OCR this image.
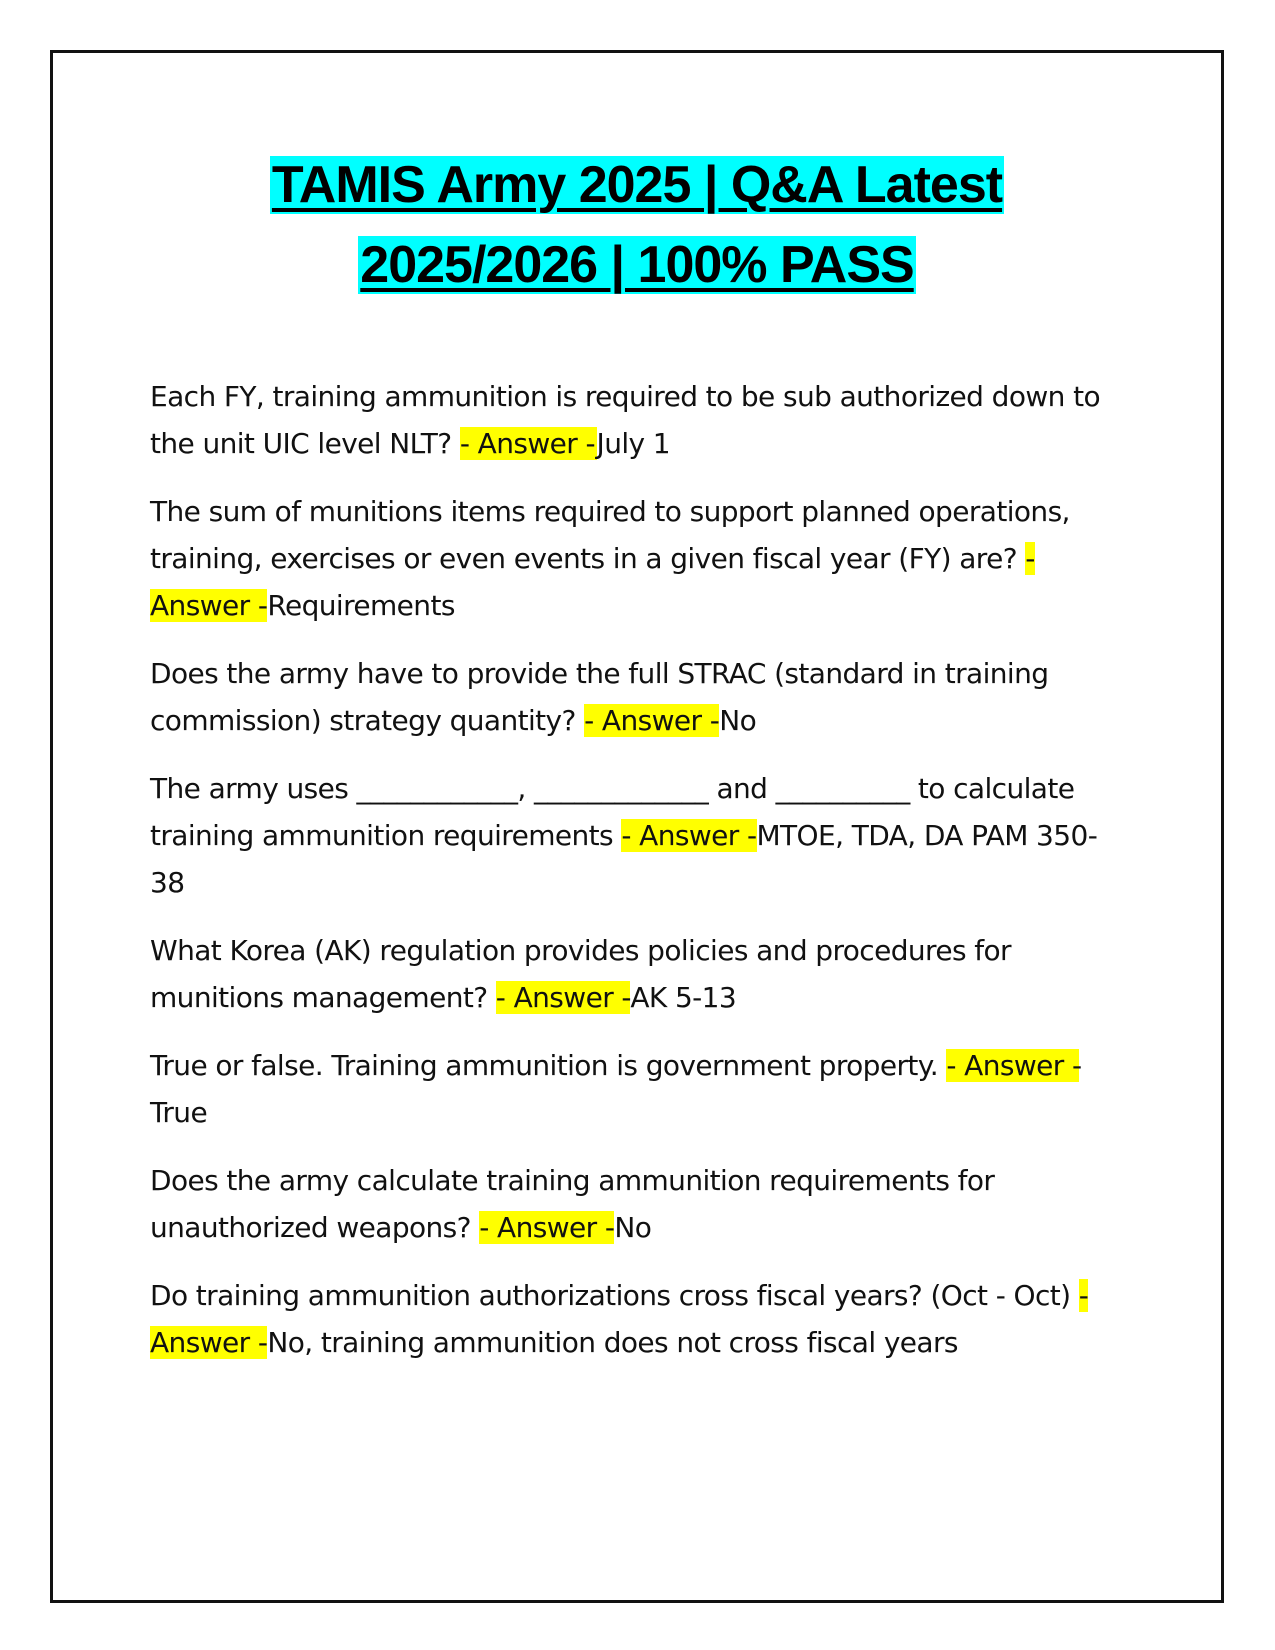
TAMIS Army 2025 | Q&A Latest
2025/2026 | 100% PASS

Each FY, training ammunition is required to be sub authorized down to the unit UIC level NLT? - Answer -July 1

The sum of munitions items required to support planned operations, training, exercises or even events in a given fiscal year (FY) are? - Answer -Requirements

Does the army have to provide the full STRAC (standard in training commission) strategy quantity? - Answer -No

The army uses ____________, _____________ and __________ to calculate training ammunition requirements - Answer -MTOE, TDA, DA PAM 350-38

What Korea (AK) regulation provides policies and procedures for munitions management? - Answer -AK 5-13

True or false. Training ammunition is government property. - Answer -True

Does the army calculate training ammunition requirements for unauthorized weapons? - Answer -No

Do training ammunition authorizations cross fiscal years? (Oct - Oct) - Answer -No, training ammunition does not cross fiscal years
